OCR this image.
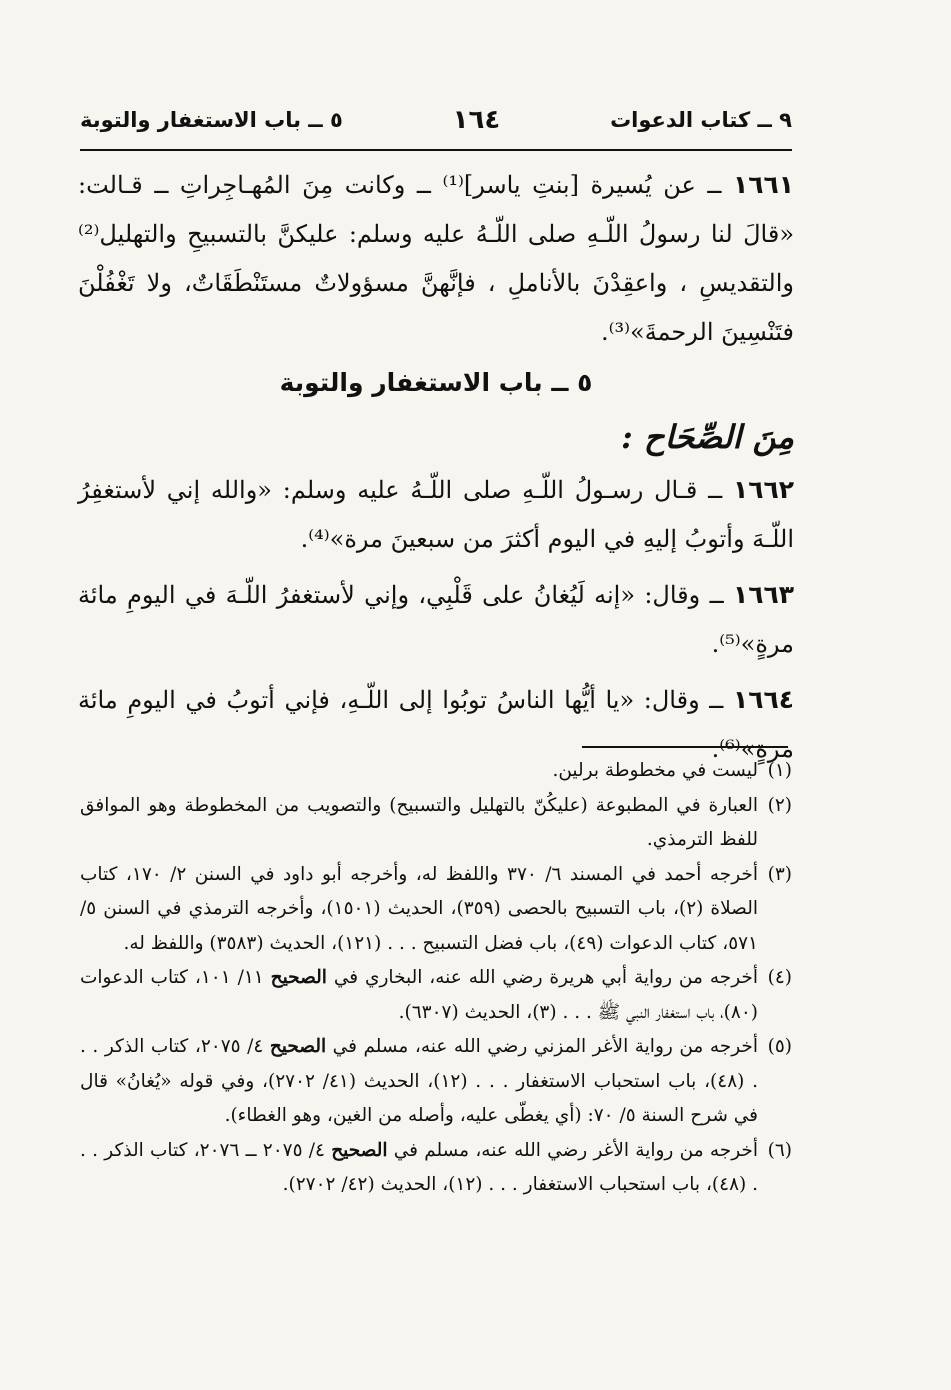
٩ ــ كتاب الدعوات
١٦٤
٥ ــ باب الاستغفار والتوبة

١٦٦١ ــ عن يُسيرة [بنتِ ياسر]⁽¹⁾ ــ وكانت مِنَ المُهـاجِراتِ ــ قـالت: «قالَ لنا رسولُ اللّـهِ صلى اللّـهُ عليه وسلم: عليكنَّ بالتسبيحِ والتهليل⁽²⁾ والتقديسِ ، واعقِدْنَ بالأناملِ ، فإنَّهنَّ مسؤولاتٌ مستَنْطَقَاتٌ، ولا تَغْفُلْنَ فتَنْسِينَ الرحمةَ»⁽³⁾.

٥ ــ باب الاستغفار والتوبة

مِنَ الصِّحَاح :

١٦٦٢ ــ قـال رسـولُ اللّـهِ صلى اللّـهُ عليه وسلم: «والله إني لأستغفِرُ اللّـهَ وأتوبُ إليهِ في اليوم أكثرَ من سبعينَ مرة»⁽⁴⁾.

١٦٦٣ ــ وقال: «إنه لَيُغانُ على قَلْبِي، وإني لأستغفرُ اللّـهَ في اليومِ مائة مرةٍ»⁽⁵⁾.

١٦٦٤ ــ وقال: «يا أيُّها الناسُ توبُوا إلى اللّـهِ، فإني أتوبُ في اليومِ مائة مرةٍ»⁽⁶⁾.

(١)
ليست في مخطوطة برلين.

(٢)
العبارة في المطبوعة (عليكُنّ بالتهليل والتسبيح) والتصويب من المخطوطة وهو الموافق للفظ الترمذي.

(٣)
أخرجه أحمد في المسند ٦/ ٣٧٠ واللفظ له، وأخرجه أبو داود في السنن ٢/ ١٧٠، كتاب الصلاة (٢)، باب التسبيح بالحصى (٣٥٩)، الحديث (١٥٠١)، وأخرجه الترمذي في السنن ٥/ ٥٧١، كتاب الدعوات (٤٩)، باب فضل التسبيح . . . (١٢١)، الحديث (٣٥٨٣) واللفظ له.

(٤)
أخرجه من رواية أبي هريرة رضي الله عنه، البخاري في الصحيح ١١/ ١٠١، كتاب الدعوات (٨٠)، باب استغفار النبي ﷺ . . . (٣)، الحديث (٦٣٠٧).

(٥)
أخرجه من رواية الأغر المزني رضي الله عنه، مسلم في الصحيح ٤/ ٢٠٧٥، كتاب الذكر . . . (٤٨)، باب استحباب الاستغفار . . . (١٢)، الحديث (٤١/ ٢٧٠٢)، وفي قوله «يُغانُ» قال في شرح السنة ٥/ ٧٠: (أي يغطّى عليه، وأصله من الغين، وهو الغطاء).

(٦)
أخرجه من رواية الأغر رضي الله عنه، مسلم في الصحيح ٤/ ٢٠٧٥ ــ ٢٠٧٦، كتاب الذكر . . . (٤٨)، باب استحباب الاستغفار . . . (١٢)، الحديث (٤٢/ ٢٧٠٢).
